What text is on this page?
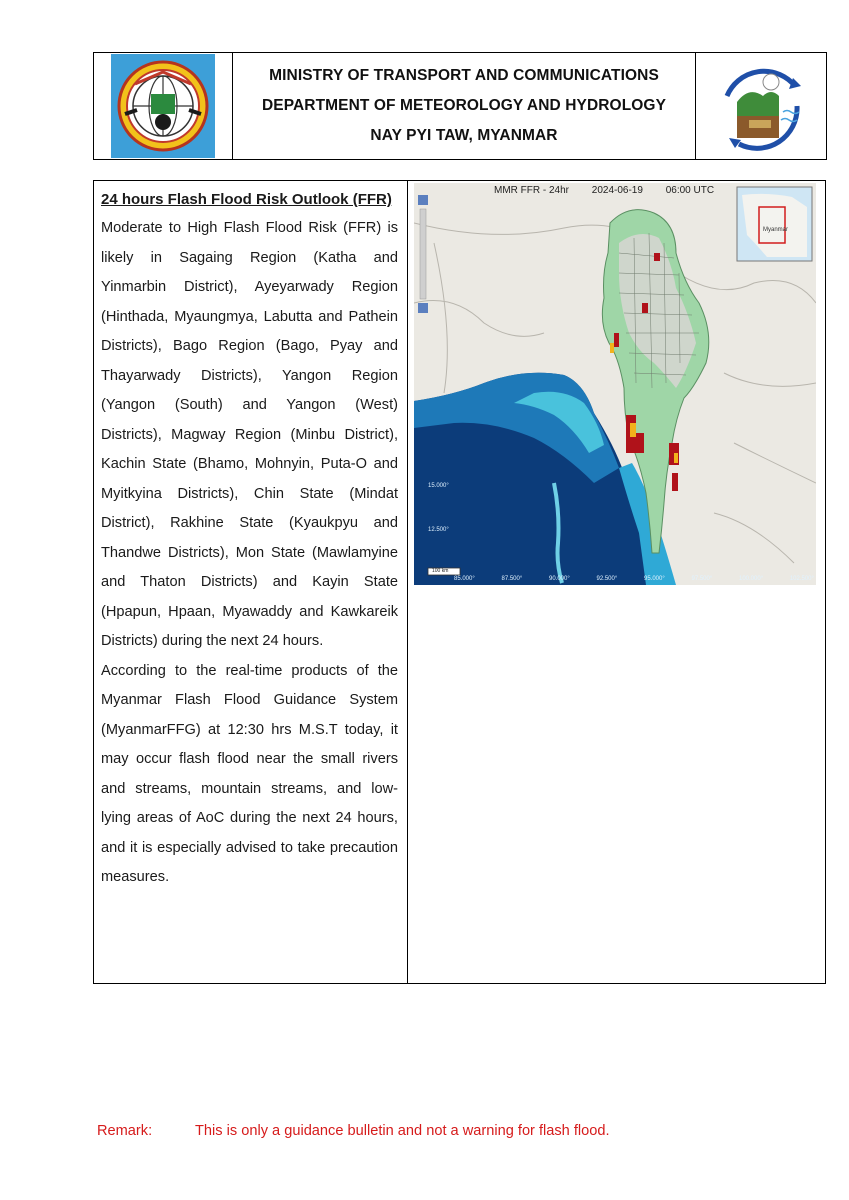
MINISTRY OF TRANSPORT AND COMMUNICATIONS
DEPARTMENT OF METEOROLOGY AND HYDROLOGY
NAY PYI TAW, MYANMAR
24 hours Flash Flood Risk Outlook (FFR)

Moderate to High Flash Flood Risk (FFR) is likely in Sagaing Region (Katha and Yinmarbin District), Ayeyarwady Region (Hinthada, Myaungmya, Labutta and Pathein Districts), Bago Region (Bago, Pyay and Thayarwady Districts), Yangon Region (Yangon (South) and Yangon (West) Districts), Magway Region (Minbu District), Kachin State (Bhamo, Mohnyin, Puta-O and Myitkyina Districts), Chin State (Mindat District), Rakhine State (Kyaukpyu and Thandwe Districts), Mon State (Mawlamyine and Thaton Districts) and Kayin State (Hpapun, Hpaan, Myawaddy and Kawkareik Districts) during the next 24 hours.

According to the real-time products of the Myanmar Flash Flood Guidance System (MyanmarFFG) at 12:30 hrs M.S.T today, it may occur flash flood near the small rivers and streams, mountain streams, and low-lying areas of AoC during the next 24 hours, and it is especially advised to take precaution measures.

MMR FFR - 24hr 2024-06-19 06:00 UTC
Myanmar
15.000°
12.500°
85.000°	87.500°	90.000°	92.500°	95.000°	97.500°	100.000°	102.500°
100 km
Remark:	This is only a guidance bulletin and not a warning for flash flood.
